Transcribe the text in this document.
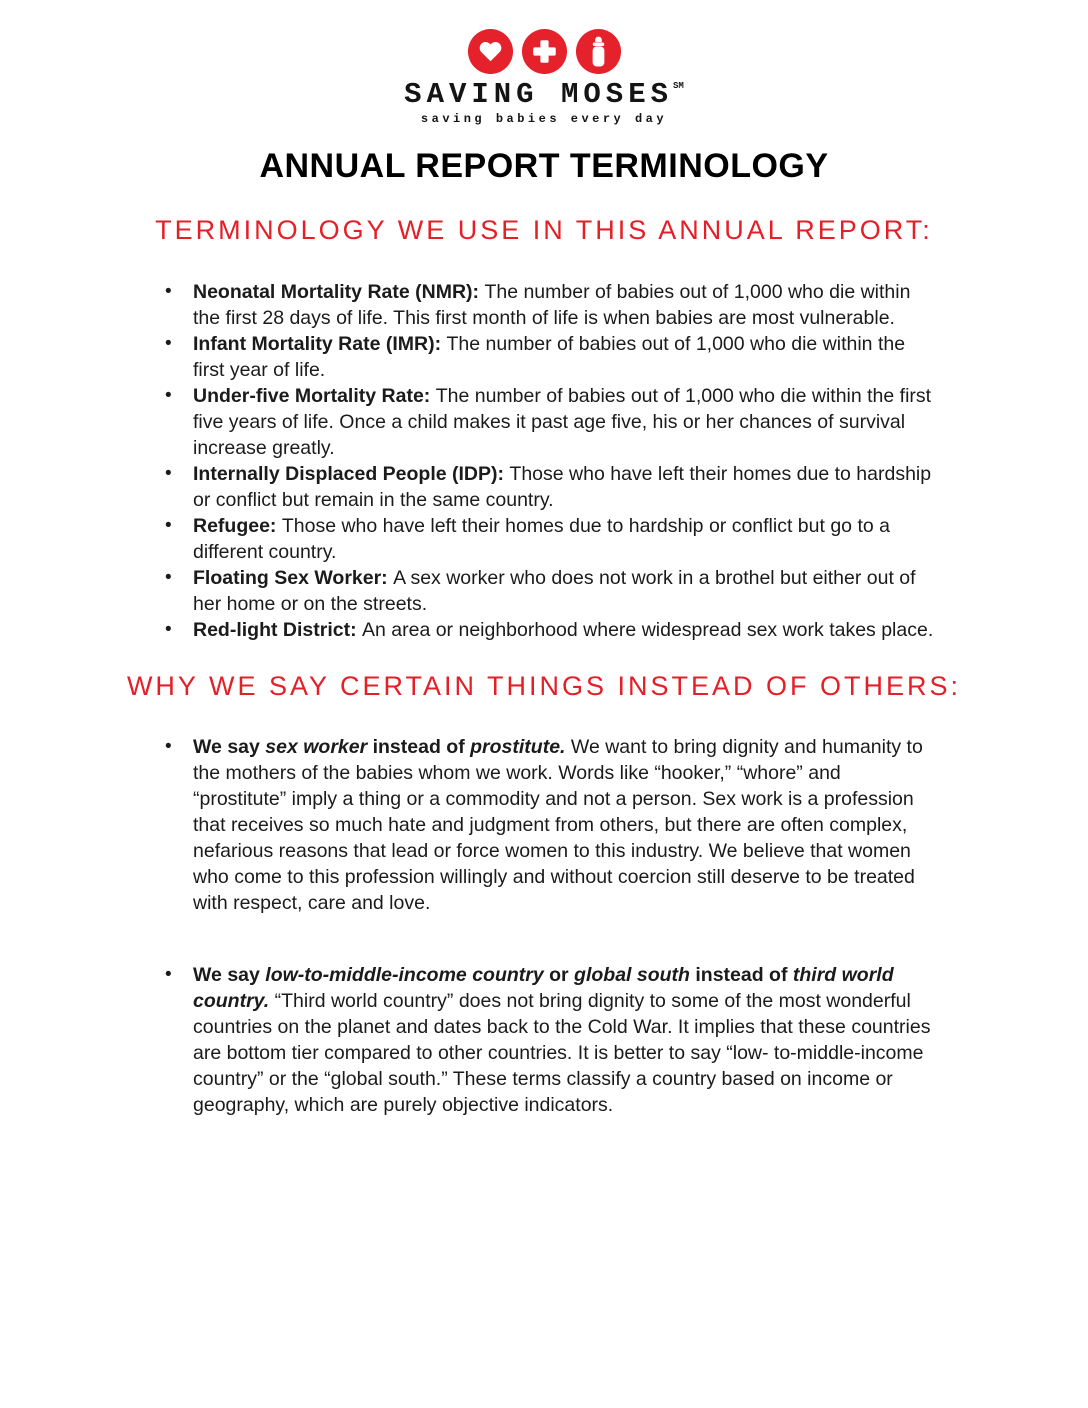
SAVING MOSES℠
saving babies every day
ANNUAL REPORT TERMINOLOGY
TERMINOLOGY WE USE IN THIS ANNUAL REPORT:
• Neonatal Mortality Rate (NMR): The number of babies out of 1,000 who die within the first 28 days of life. This first month of life is when babies are most vulnerable.
• Infant Mortality Rate (IMR): The number of babies out of 1,000 who die within the first year of life.
• Under-five Mortality Rate: The number of babies out of 1,000 who die within the first five years of life. Once a child makes it past age five, his or her chances of survival increase greatly.
• Internally Displaced People (IDP): Those who have left their homes due to hardship or conflict but remain in the same country.
• Refugee: Those who have left their homes due to hardship or conflict but go to a different country.
• Floating Sex Worker: A sex worker who does not work in a brothel but either out of her home or on the streets.
• Red-light District: An area or neighborhood where widespread sex work takes place.
WHY WE SAY CERTAIN THINGS INSTEAD OF OTHERS:
• We say sex worker instead of prostitute. We want to bring dignity and humanity to the mothers of the babies whom we work. Words like “hooker,” “whore” and “prostitute” imply a thing or a commodity and not a person. Sex work is a profession that receives so much hate and judgment from others, but there are often complex, nefarious reasons that lead or force women to this industry. We believe that women who come to this profession willingly and without coercion still deserve to be treated with respect, care and love.
• We say low-to-middle-income country or global south instead of third world country. “Third world country” does not bring dignity to some of the most wonderful countries on the planet and dates back to the Cold War. It implies that these countries are bottom tier compared to other countries. It is better to say “low- to-middle-income country” or the “global south.” These terms classify a country based on income or geography, which are purely objective indicators.
